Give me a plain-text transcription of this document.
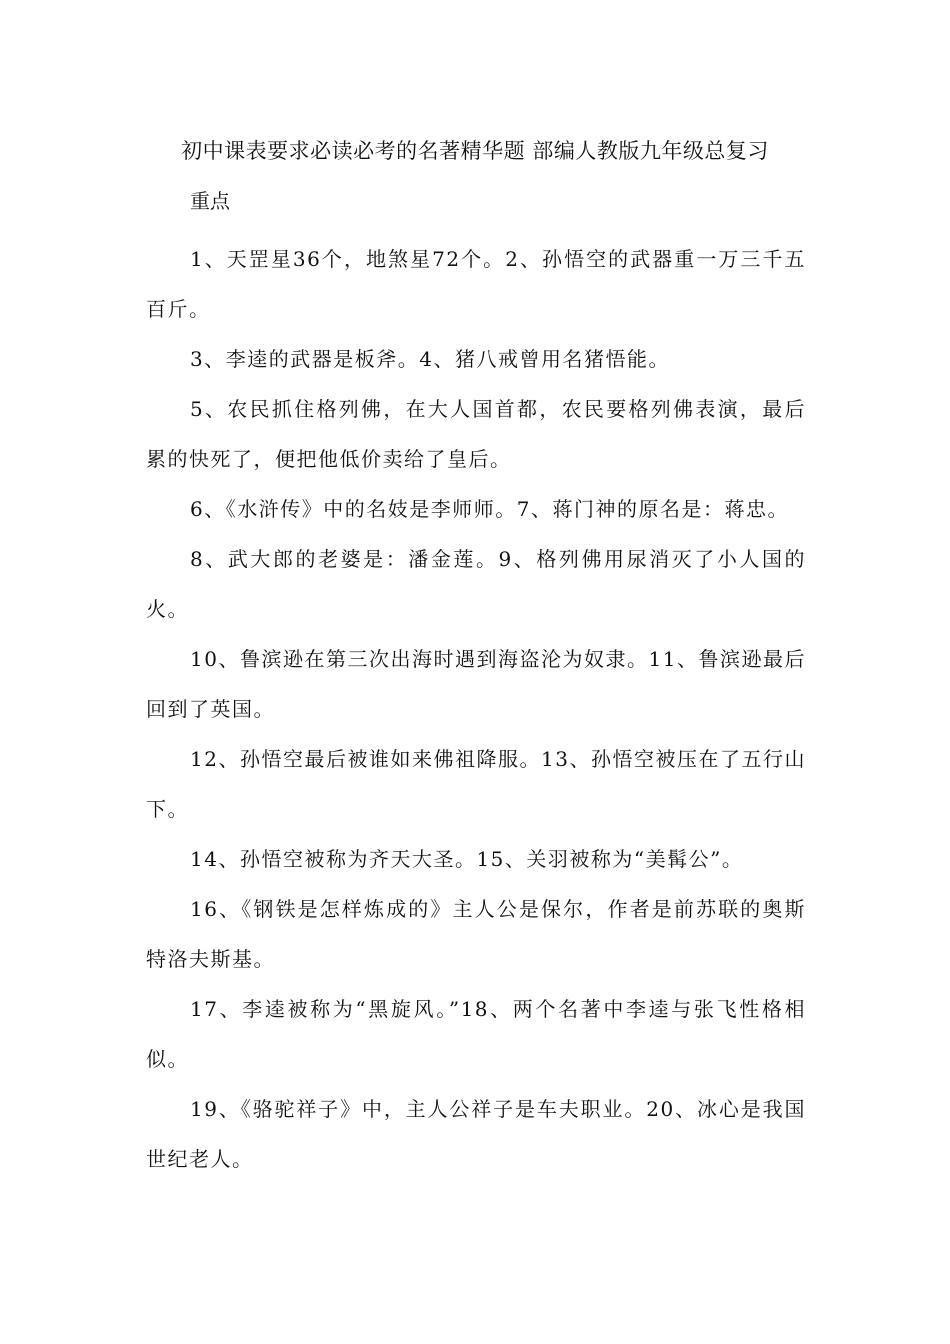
初中课表要求必读必考的名著精华题 部编人教版九年级总复习
重点

1、天罡星36个，地煞星72个。2、孙悟空的武器重一万三千五百斤。

3、李逵的武器是板斧。4、猪八戒曾用名猪悟能。

5、农民抓住格列佛，在大人国首都，农民要格列佛表演，最后累的快死了，便把他低价卖给了皇后。

6、《水浒传》中的名妓是李师师。7、蒋门神的原名是：蒋忠。

8、武大郎的老婆是：潘金莲。9、格列佛用尿消灭了小人国的火。

10、鲁滨逊在第三次出海时遇到海盗沦为奴隶。11、鲁滨逊最后回到了英国。

12、孙悟空最后被谁如来佛祖降服。13、孙悟空被压在了五行山下。

14、孙悟空被称为齐天大圣。15、关羽被称为“美髯公”。

16、《钢铁是怎样炼成的》主人公是保尔，作者是前苏联的奥斯特洛夫斯基。

17、李逵被称为“黑旋风。”18、两个名著中李逵与张飞性格相似。

19、《骆驼祥子》中，主人公祥子是车夫职业。20、冰心是我国世纪老人。
